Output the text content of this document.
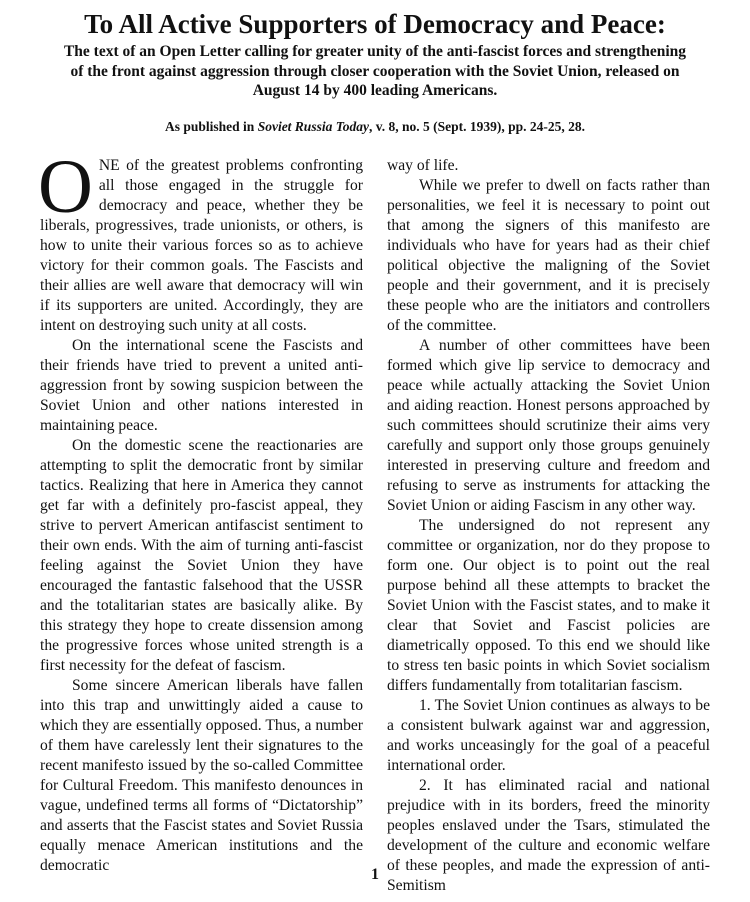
To All Active Supporters of Democracy and Peace:

The text of an Open Letter calling for greater unity of the anti-fascist forces and strengthening of the front against aggression through closer cooperation with the Soviet Union, released on August 14 by 400 leading Americans.

As published in Soviet Russia Today, v. 8, no. 5 (Sept. 1939), pp. 24-25, 28.

ONE of the greatest problems confronting all those engaged in the struggle for democracy and peace, whether they be liberals, progressives, trade unionists, or others, is how to unite their various forces so as to achieve victory for their common goals. The Fascists and their allies are well aware that democracy will win if its supporters are united. Accordingly, they are intent on destroying such unity at all costs.

On the international scene the Fascists and their friends have tried to prevent a united anti-aggression front by sowing suspicion between the Soviet Union and other nations interested in maintaining peace.

On the domestic scene the reactionaries are attempting to split the democratic front by similar tactics. Realizing that here in America they cannot get far with a definitely pro-fascist appeal, they strive to pervert American antifascist sentiment to their own ends. With the aim of turning anti-fascist feeling against the Soviet Union they have encouraged the fantastic falsehood that the USSR and the totalitarian states are basically alike. By this strategy they hope to create dissension among the progressive forces whose united strength is a first necessity for the defeat of fascism.

Some sincere American liberals have fallen into this trap and unwittingly aided a cause to which they are essentially opposed. Thus, a number of them have carelessly lent their signatures to the recent manifesto issued by the so-called Committee for Cultural Freedom. This manifesto denounces in vague, undefined terms all forms of “Dictatorship” and asserts that the Fascist states and Soviet Russia equally menace American institutions and the democratic

way of life.

While we prefer to dwell on facts rather than personalities, we feel it is necessary to point out that among the signers of this manifesto are individuals who have for years had as their chief political objective the maligning of the Soviet people and their government, and it is precisely these people who are the initiators and controllers of the committee.

A number of other committees have been formed which give lip service to democracy and peace while actually attacking the Soviet Union and aiding reaction. Honest persons approached by such committees should scrutinize their aims very carefully and support only those groups genuinely interested in preserving culture and freedom and refusing to serve as instruments for attacking the Soviet Union or aiding Fascism in any other way.

The undersigned do not represent any committee or organization, nor do they propose to form one. Our object is to point out the real purpose behind all these attempts to bracket the Soviet Union with the Fascist states, and to make it clear that Soviet and Fascist policies are diametrically opposed. To this end we should like to stress ten basic points in which Soviet socialism differs fundamentally from totalitarian fascism.

1. The Soviet Union continues as always to be a consistent bulwark against war and aggression, and works unceasingly for the goal of a peaceful international order.

2. It has eliminated racial and national prejudice with in its borders, freed the minority peoples enslaved under the Tsars, stimulated the development of the culture and economic welfare of these peoples, and made the expression of anti-Semitism

1
